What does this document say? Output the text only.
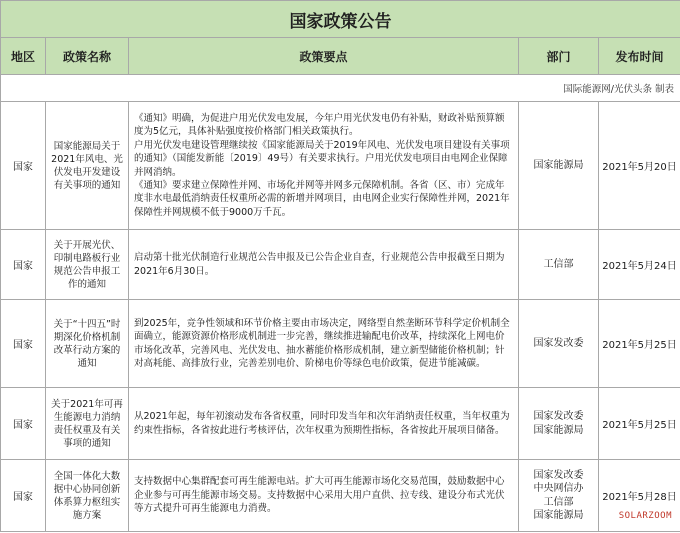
国家政策公告				
地区	政策名称	政策要点	部门	发布时间
国际能源网/光伏头条 制表				
国家	国家能源局关于2021年风电、光伏发电开发建设有关事项的通知	《通知》明确，为促进户用光伏发电发展，今年户用光伏发电仍有补贴，财政补贴预算额度为5亿元，具体补贴强度按价格部门相关政策执行。
户用光伏发电建设管理继续按《国家能源局关于2019年风电、光伏发电项目建设有关事项的通知》（国能发新能〔2019〕49号）有关要求执行。户用光伏发电项目由电网企业保障并网消纳。
《通知》要求建立保障性并网、市场化并网等并网多元保障机制。各省（区、市）完成年度非水电最低消纳责任权重所必需的新增并网项目，由电网企业实行保障性并网，2021年保障性并网规模不低于9000万千瓦。	国家能源局	2021年5月20日
国家	关于开展光伏、印制电路板行业规范公告申报工作的通知	启动第十批光伏制造行业规范公告申报及已公告企业自查，行业规范公告申报截至日期为2021年6月30日。	工信部	2021年5月24日
国家	关于“十四五”时期深化价格机制改革行动方案的通知	到2025年，竞争性领域和环节价格主要由市场决定，网络型自然垄断环节科学定价机制全面确立，能源资源价格形成机制进一步完善，继续推进输配电价改革，持续深化上网电价市场化改革，完善风电、光伏发电、抽水蓄能价格形成机制，建立新型储能价格机制；针对高耗能、高排放行业，完善差别电价、阶梯电价等绿色电价政策，促进节能减碳。	国家发改委	2021年5月25日
国家	关于2021年可再生能源电力消纳责任权重及有关事项的通知	从2021年起，每年初滚动发布各省权重，同时印发当年和次年消纳责任权重，当年权重为约束性指标，各省按此进行考核评估，次年权重为预期性指标，各省按此开展项目储备。	国家发改委
国家能源局	2021年5月25日
国家	全国一体化大数据中心协同创新体系算力枢纽实施方案	支持数据中心集群配套可再生能源电站。扩大可再生能源市场化交易范围，鼓励数据中心企业参与可再生能源市场交易。支持数据中心采用大用户直供、拉专线、建设分布式光伏等方式提升可再生能源电力消费。	国家发改委
中央网信办
工信部
国家能源局	2021年5月28日
SOLARZOOM
